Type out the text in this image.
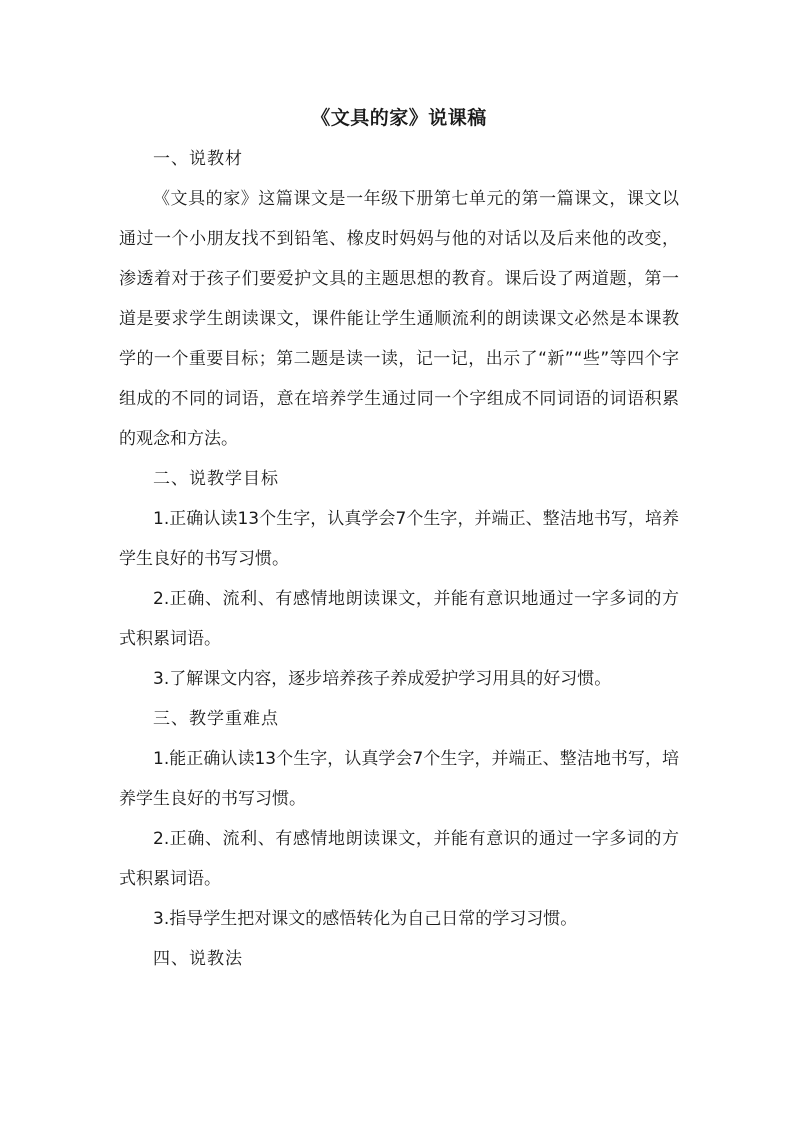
《文具的家》说课稿

一、说教材

《文具的家》这篇课文是一年级下册第七单元的第一篇课文，课文以通过一个小朋友找不到铅笔、橡皮时妈妈与他的对话以及后来他的改变，渗透着对于孩子们要爱护文具的主题思想的教育。课后设了两道题，第一道是要求学生朗读课文，课件能让学生通顺流利的朗读课文必然是本课教学的一个重要目标；第二题是读一读，记一记，出示了“新”“些”等四个字组成的不同的词语，意在培养学生通过同一个字组成不同词语的词语积累的观念和方法。

二、说教学目标

1.正确认读13个生字，认真学会7个生字，并端正、整洁地书写，培养学生良好的书写习惯。

2.正确、流利、有感情地朗读课文，并能有意识地通过一字多词的方式积累词语。

3.了解课文内容，逐步培养孩子养成爱护学习用具的好习惯。

三、教学重难点

1.能正确认读13个生字，认真学会7个生字，并端正、整洁地书写，培养学生良好的书写习惯。

2.正确、流利、有感情地朗读课文，并能有意识的通过一字多词的方式积累词语。

3.指导学生把对课文的感悟转化为自己日常的学习习惯。

四、说教法
